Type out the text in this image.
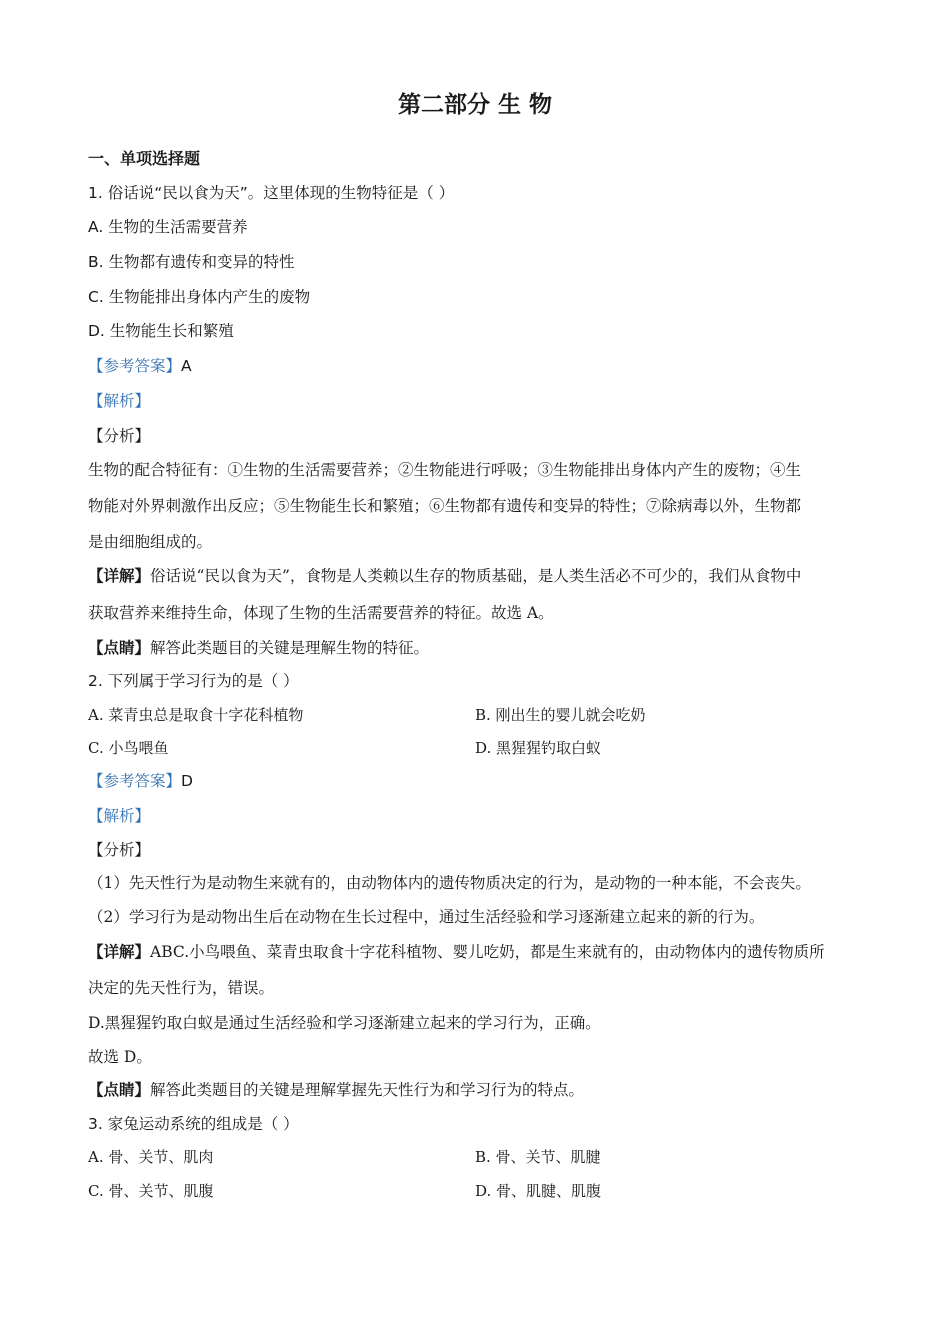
第二部分 生 物
一、单项选择题
1. 俗话说“民以食为天”。这里体现的生物特征是（ ）
A. 生物的生活需要营养
B. 生物都有遗传和变异的特性
C. 生物能排出身体内产生的废物
D. 生物能生长和繁殖
【参考答案】A
【解析】
【分析】
生物的配合特征有：①生物的生活需要营养；②生物能进行呼吸；③生物能排出身体内产生的废物；④生
物能对外界刺激作出反应；⑤生物能生长和繁殖；⑥生物都有遗传和变异的特性；⑦除病毒以外，生物都
是由细胞组成的。
【详解】俗话说“民以食为天”，食物是人类赖以生存的物质基础，是人类生活必不可少的，我们从食物中
获取营养来维持生命，体现了生物的生活需要营养的特征。故选 A。
【点睛】解答此类题目的关键是理解生物的特征。
2. 下列属于学习行为的是（ ）
A. 菜青虫总是取食十字花科植物	B. 刚出生的婴儿就会吃奶
C. 小鸟喂鱼	D. 黑猩猩钓取白蚁
【参考答案】D
【解析】
【分析】
（1）先天性行为是动物生来就有的，由动物体内的遗传物质决定的行为，是动物的一种本能，不会丧失。
（2）学习行为是动物出生后在动物在生长过程中，通过生活经验和学习逐渐建立起来的新的行为。
【详解】ABC.小鸟喂鱼、菜青虫取食十字花科植物、婴儿吃奶，都是生来就有的，由动物体内的遗传物质所
决定的先天性行为，错误。
D.黑猩猩钓取白蚁是通过生活经验和学习逐渐建立起来的学习行为，正确。
故选 D。
【点睛】解答此类题目的关键是理解掌握先天性行为和学习行为的特点。
3. 家兔运动系统的组成是（ ）
A. 骨、关节、肌肉	B. 骨、关节、肌腱
C. 骨、关节、肌腹	D. 骨、肌腱、肌腹
